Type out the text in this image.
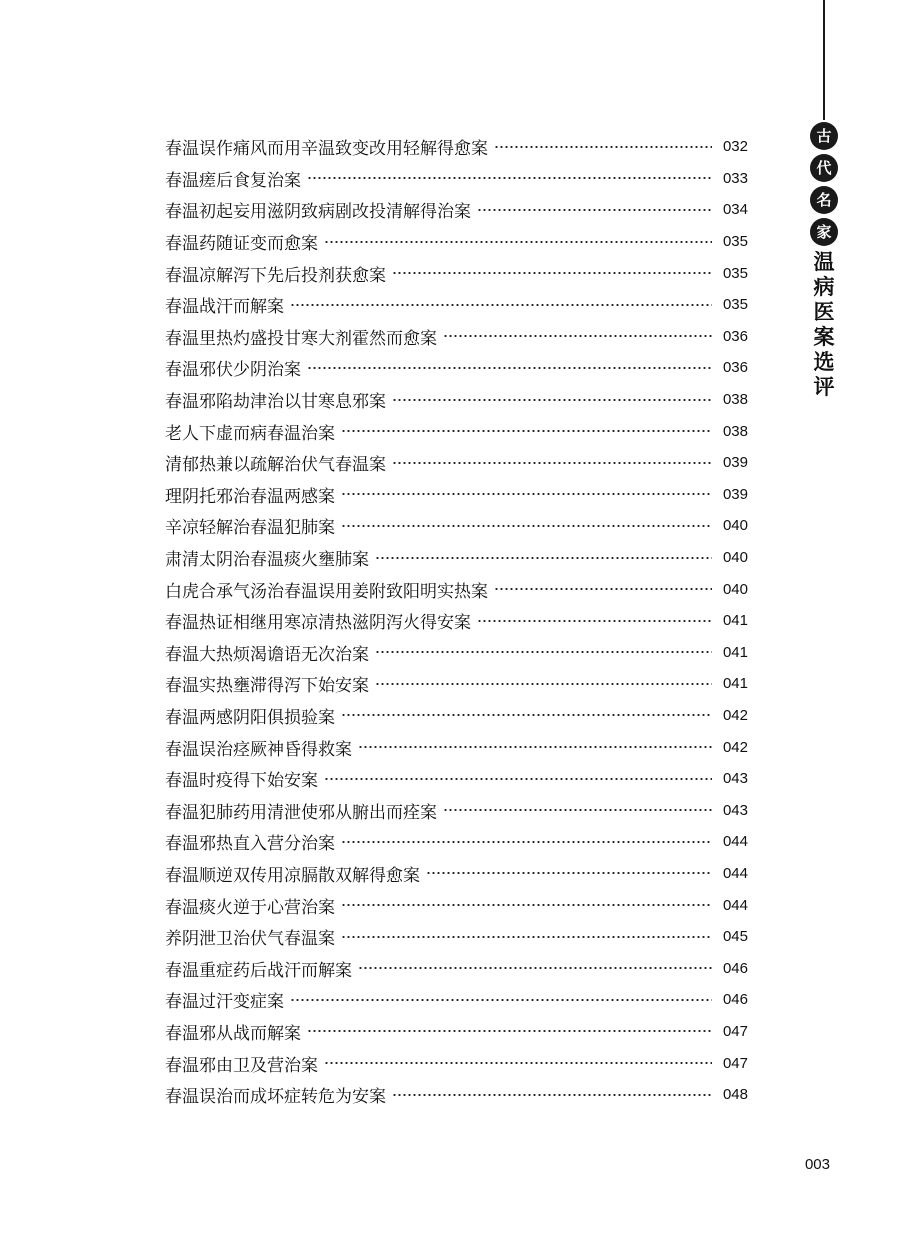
古
代
名
家
温
病
医
案
选
评
春温误作痛风而用辛温致变改用轻解得愈案	032
春温瘥后食复治案	033
春温初起妄用滋阴致病剧改投清解得治案	034
春温药随证变而愈案	035
春温凉解泻下先后投剂获愈案	035
春温战汗而解案	035
春温里热灼盛投甘寒大剂霍然而愈案	036
春温邪伏少阴治案	036
春温邪陷劫津治以甘寒息邪案	038
老人下虚而病春温治案	038
清郁热兼以疏解治伏气春温案	039
理阴托邪治春温两感案	039
辛凉轻解治春温犯肺案	040
肃清太阴治春温痰火壅肺案	040
白虎合承气汤治春温误用姜附致阳明实热案	040
春温热证相继用寒凉清热滋阴泻火得安案	041
春温大热烦渴谵语无次治案	041
春温实热壅滞得泻下始安案	041
春温两感阴阳俱损验案	042
春温误治痉厥神昏得救案	042
春温时疫得下始安案	043
春温犯肺药用清泄使邪从腑出而痊案	043
春温邪热直入营分治案	044
春温顺逆双传用凉膈散双解得愈案	044
春温痰火逆于心营治案	044
养阴泄卫治伏气春温案	045
春温重症药后战汗而解案	046
春温过汗变症案	046
春温邪从战而解案	047
春温邪由卫及营治案	047
春温误治而成坏症转危为安案	048
003
